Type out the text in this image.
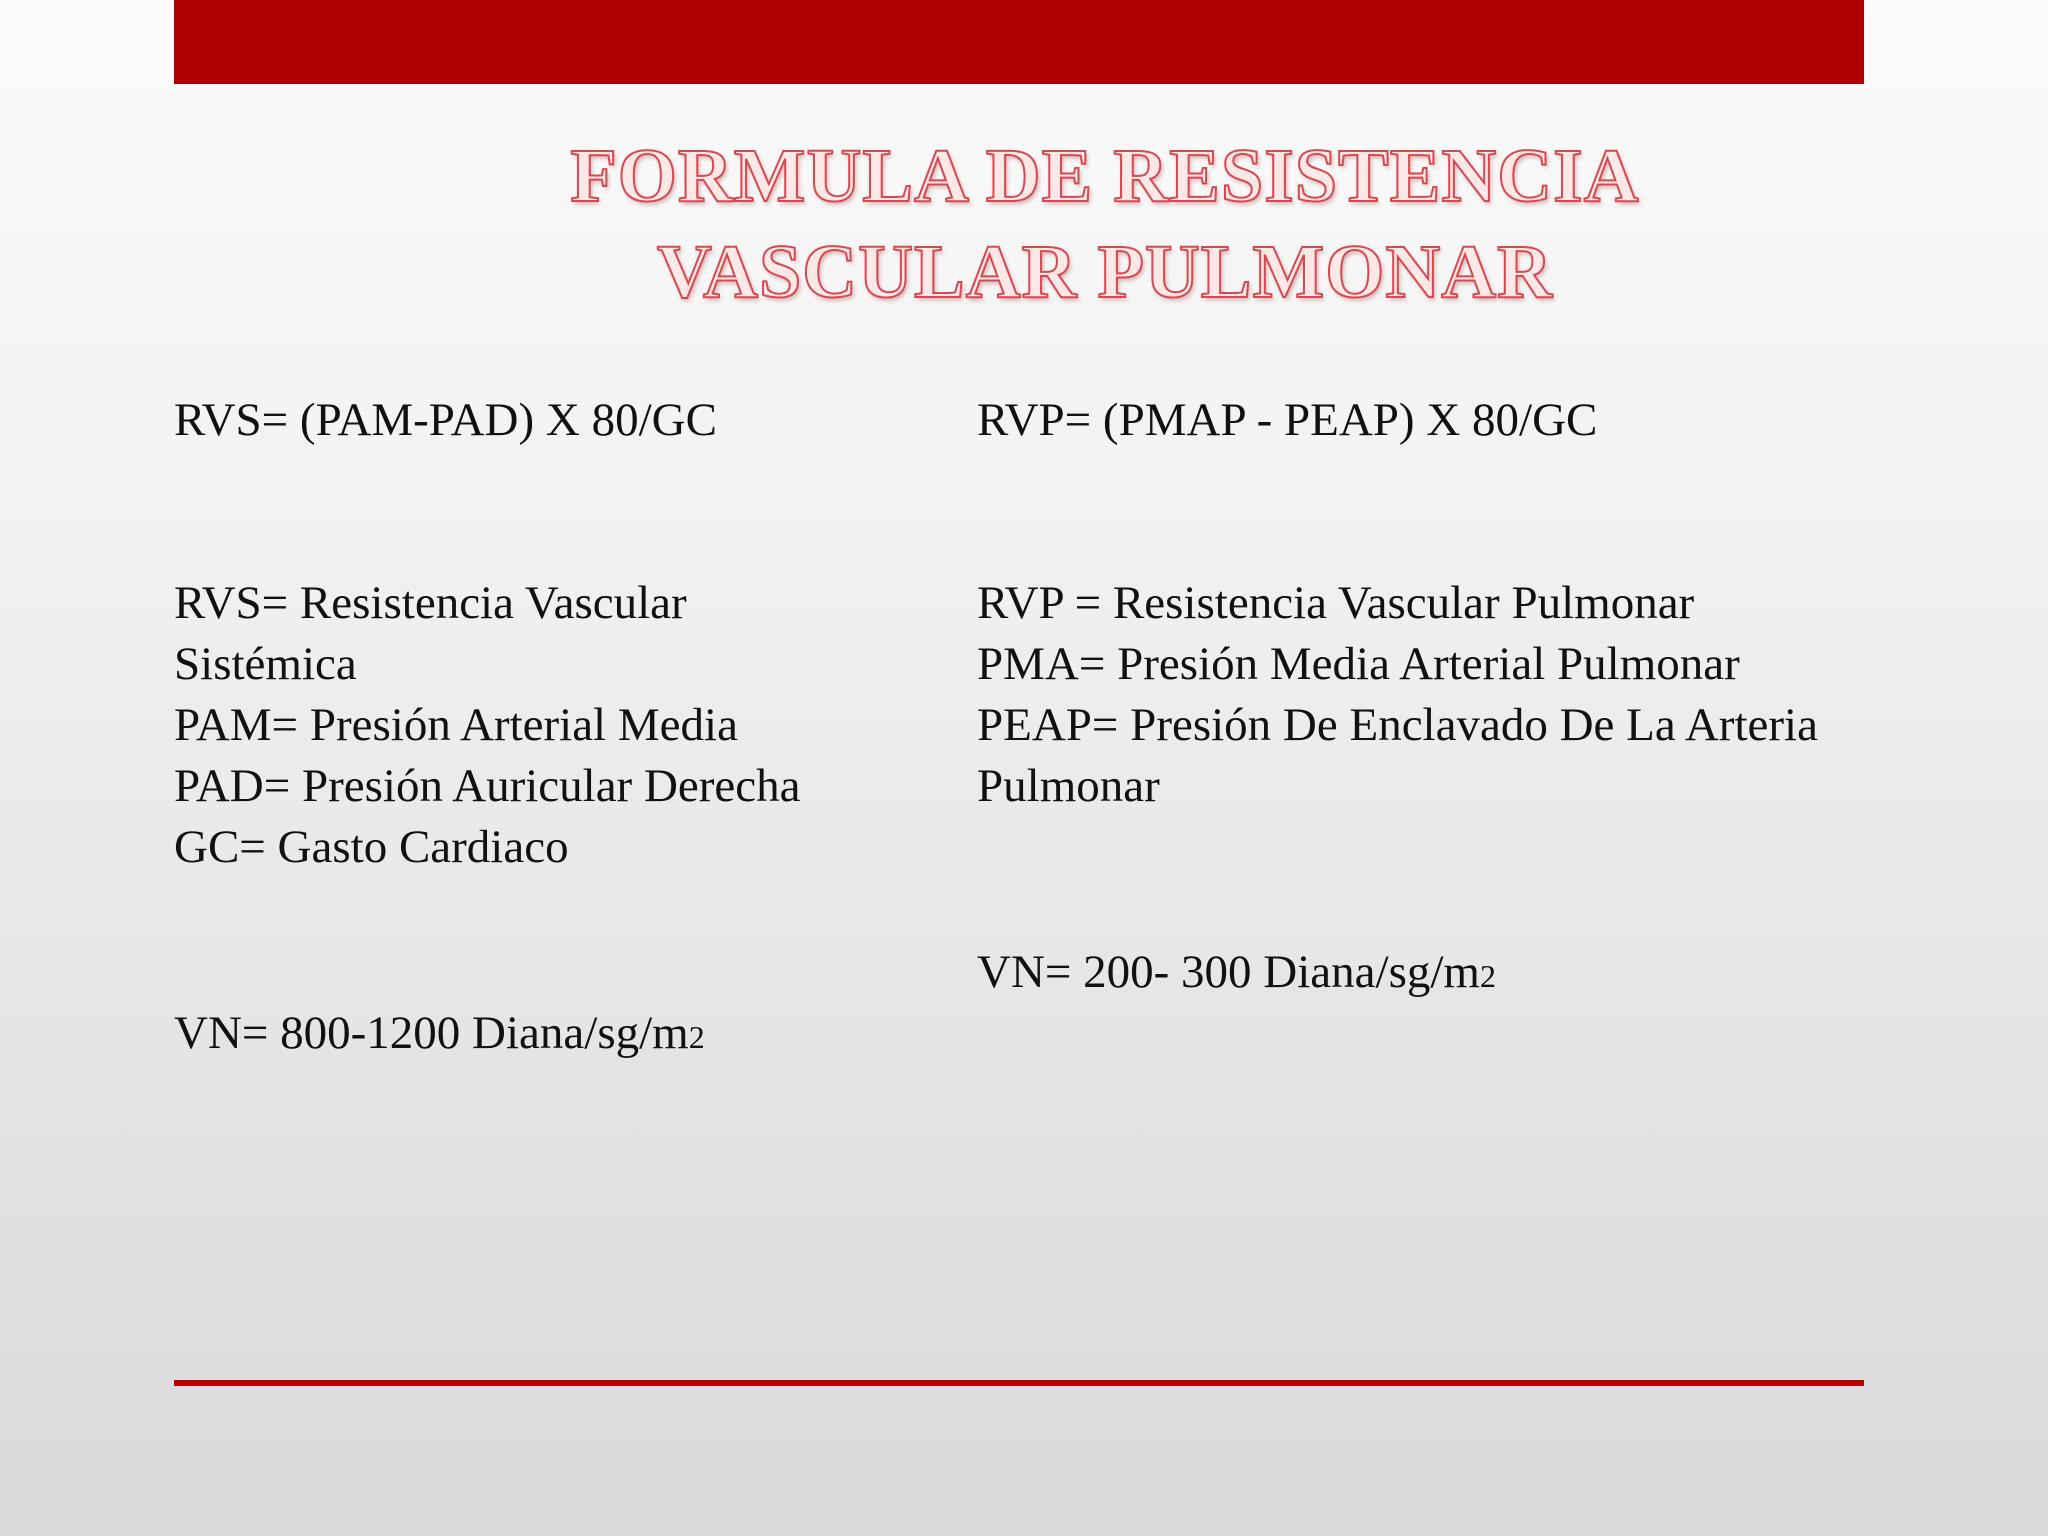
FORMULA DE RESISTENCIA
VASCULAR PULMONAR
RVS= (PAM-PAD) X 80/GC
RVS= Resistencia Vascular
Sistémica
PAM= Presión Arterial Media
PAD= Presión Auricular Derecha
GC= Gasto Cardiaco
VN= 800-1200 Diana/sg/m2
RVP= (PMAP - PEAP) X 80/GC
RVP = Resistencia Vascular Pulmonar
PMA= Presión Media Arterial Pulmonar
PEAP= Presión De Enclavado De La Arteria
Pulmonar
VN= 200- 300 Diana/sg/m2
